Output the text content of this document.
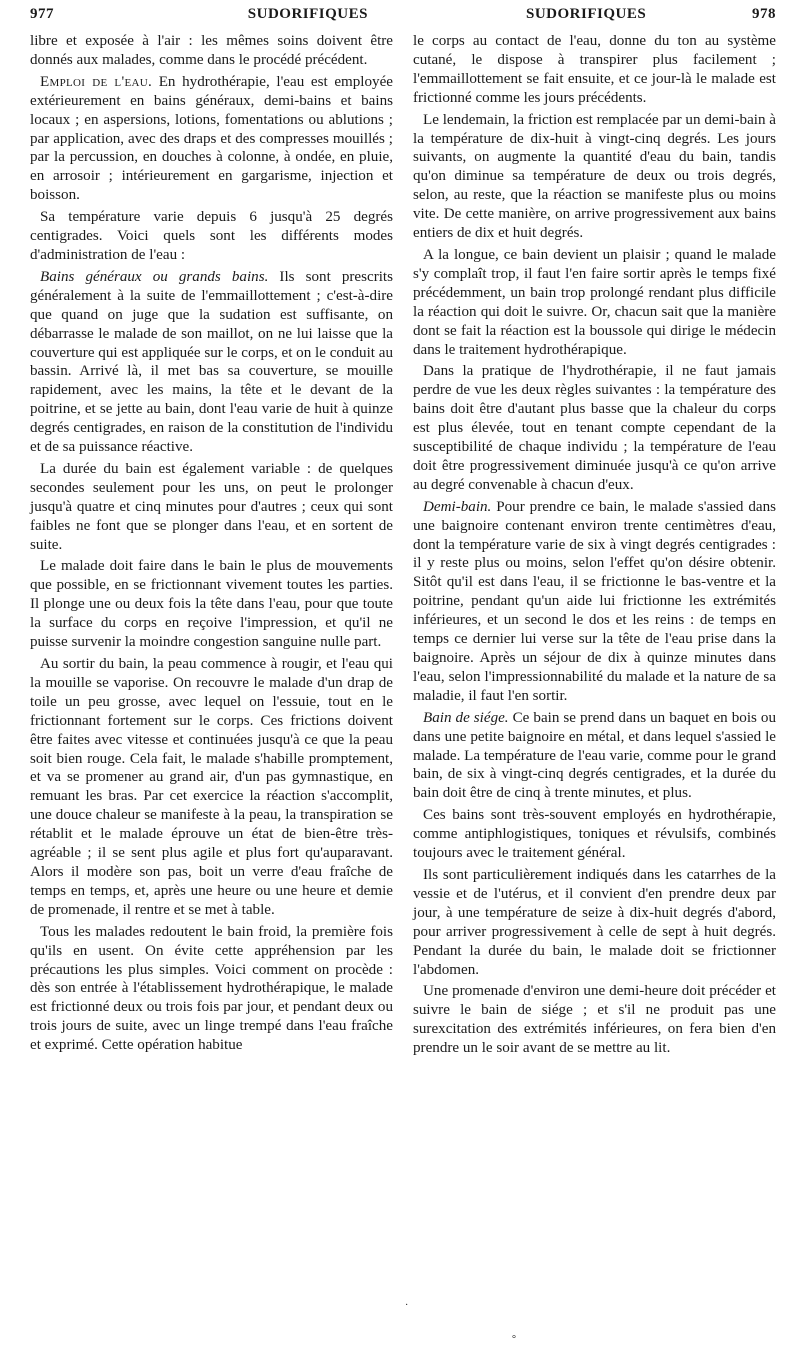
977	SUDORIFIQUES	SUDORIFIQUES	978

libre et exposée à l'air : les mêmes soins doivent être donnés aux malades, comme dans le procédé précédent.

Emploi de l'eau. En hydrothérapie, l'eau est employée extérieurement en bains généraux, demi-bains et bains locaux ; en aspersions, lotions, fomentations ou ablutions ; par application, avec des draps et des compresses mouillés ; par la percussion, en douches à colonne, à ondée, en pluie, en arrosoir ; intérieurement en gargarisme, injection et boisson.

Sa température varie depuis 6 jusqu'à 25 degrés centigrades. Voici quels sont les différents modes d'administration de l'eau :

Bains généraux ou grands bains. Ils sont prescrits généralement à la suite de l'emmaillottement ; c'est-à-dire que quand on juge que la sudation est suffisante, on débarrasse le malade de son maillot, on ne lui laisse que la couverture qui est appliquée sur le corps, et on le conduit au bassin. Arrivé là, il met bas sa couverture, se mouille rapidement, avec les mains, la tête et le devant de la poitrine, et se jette au bain, dont l'eau varie de huit à quinze degrés centigrades, en raison de la constitution de l'individu et de sa puissance réactive.

La durée du bain est également variable : de quelques secondes seulement pour les uns, on peut le prolonger jusqu'à quatre et cinq minutes pour d'autres ; ceux qui sont faibles ne font que se plonger dans l'eau, et en sortent de suite.

Le malade doit faire dans le bain le plus de mouvements que possible, en se frictionnant vivement toutes les parties. Il plonge une ou deux fois la tête dans l'eau, pour que toute la surface du corps en reçoive l'impression, et qu'il ne puisse survenir la moindre congestion sanguine nulle part.

Au sortir du bain, la peau commence à rougir, et l'eau qui la mouille se vaporise. On recouvre le malade d'un drap de toile un peu grosse, avec lequel on l'essuie, tout en le frictionnant fortement sur le corps. Ces frictions doivent être faites avec vitesse et continuées jusqu'à ce que la peau soit bien rouge. Cela fait, le malade s'habille promptement, et va se promener au grand air, d'un pas gymnastique, en remuant les bras. Par cet exercice la réaction s'accomplit, une douce chaleur se manifeste à la peau, la transpiration se rétablit et le malade éprouve un état de bien-être très-agréable ; il se sent plus agile et plus fort qu'auparavant. Alors il modère son pas, boit un verre d'eau fraîche de temps en temps, et, après une heure ou une heure et demie de promenade, il rentre et se met à table.

Tous les malades redoutent le bain froid, la première fois qu'ils en usent. On évite cette appréhension par les précautions les plus simples. Voici comment on procède : dès son entrée à l'établissement hydrothérapique, le malade est frictionné deux ou trois fois par jour, et pendant deux ou trois jours de suite, avec un linge trempé dans l'eau fraîche et exprimé. Cette opération habitue

le corps au contact de l'eau, donne du ton au système cutané, le dispose à transpirer plus facilement ; l'emmaillottement se fait ensuite, et ce jour-là le malade est frictionné comme les jours précédents.

Le lendemain, la friction est remplacée par un demi-bain à la température de dix-huit à vingt-cinq degrés. Les jours suivants, on augmente la quantité d'eau du bain, tandis qu'on diminue sa température de deux ou trois degrés, selon, au reste, que la réaction se manifeste plus ou moins vite. De cette manière, on arrive progressivement aux bains entiers de dix et huit degrés.

A la longue, ce bain devient un plaisir ; quand le malade s'y complaît trop, il faut l'en faire sortir après le temps fixé précédemment, un bain trop prolongé rendant plus difficile la réaction qui doit le suivre. Or, chacun sait que la manière dont se fait la réaction est la boussole qui dirige le médecin dans le traitement hydrothérapique.

Dans la pratique de l'hydrothérapie, il ne faut jamais perdre de vue les deux règles suivantes : la température des bains doit être d'autant plus basse que la chaleur du corps est plus élevée, tout en tenant compte cependant de la susceptibilité de chaque individu ; la température de l'eau doit être progressivement diminuée jusqu'à ce qu'on arrive au degré convenable à chacun d'eux.

Demi-bain. Pour prendre ce bain, le malade s'assied dans une baignoire contenant environ trente centimètres d'eau, dont la température varie de six à vingt degrés centigrades : il y reste plus ou moins, selon l'effet qu'on désire obtenir. Sitôt qu'il est dans l'eau, il se frictionne le bas-ventre et la poitrine, pendant qu'un aide lui frictionne les extrémités inférieures, et un second le dos et les reins : de temps en temps ce dernier lui verse sur la tête de l'eau prise dans la baignoire. Après un séjour de dix à quinze minutes dans l'eau, selon l'impressionnabilité du malade et la nature de sa maladie, il faut l'en sortir.

Bain de siége. Ce bain se prend dans un baquet en bois ou dans une petite baignoire en métal, et dans lequel s'assied le malade. La température de l'eau varie, comme pour le grand bain, de six à vingt-cinq degrés centigrades, et la durée du bain doit être de cinq à trente minutes, et plus.

Ces bains sont très-souvent employés en hydrothérapie, comme antiphlogistiques, toniques et révulsifs, combinés toujours avec le traitement général.

Ils sont particulièrement indiqués dans les catarrhes de la vessie et de l'utérus, et il convient d'en prendre deux par jour, à une température de seize à dix-huit degrés d'abord, pour arriver progressivement à celle de sept à huit degrés. Pendant la durée du bain, le malade doit se frictionner l'abdomen.

Une promenade d'environ une demi-heure doit précéder et suivre le bain de siége ; et s'il ne produit pas une surexcitation des extrémités inférieures, on fera bien d'en prendre un le soir avant de se mettre au lit.

·
°
